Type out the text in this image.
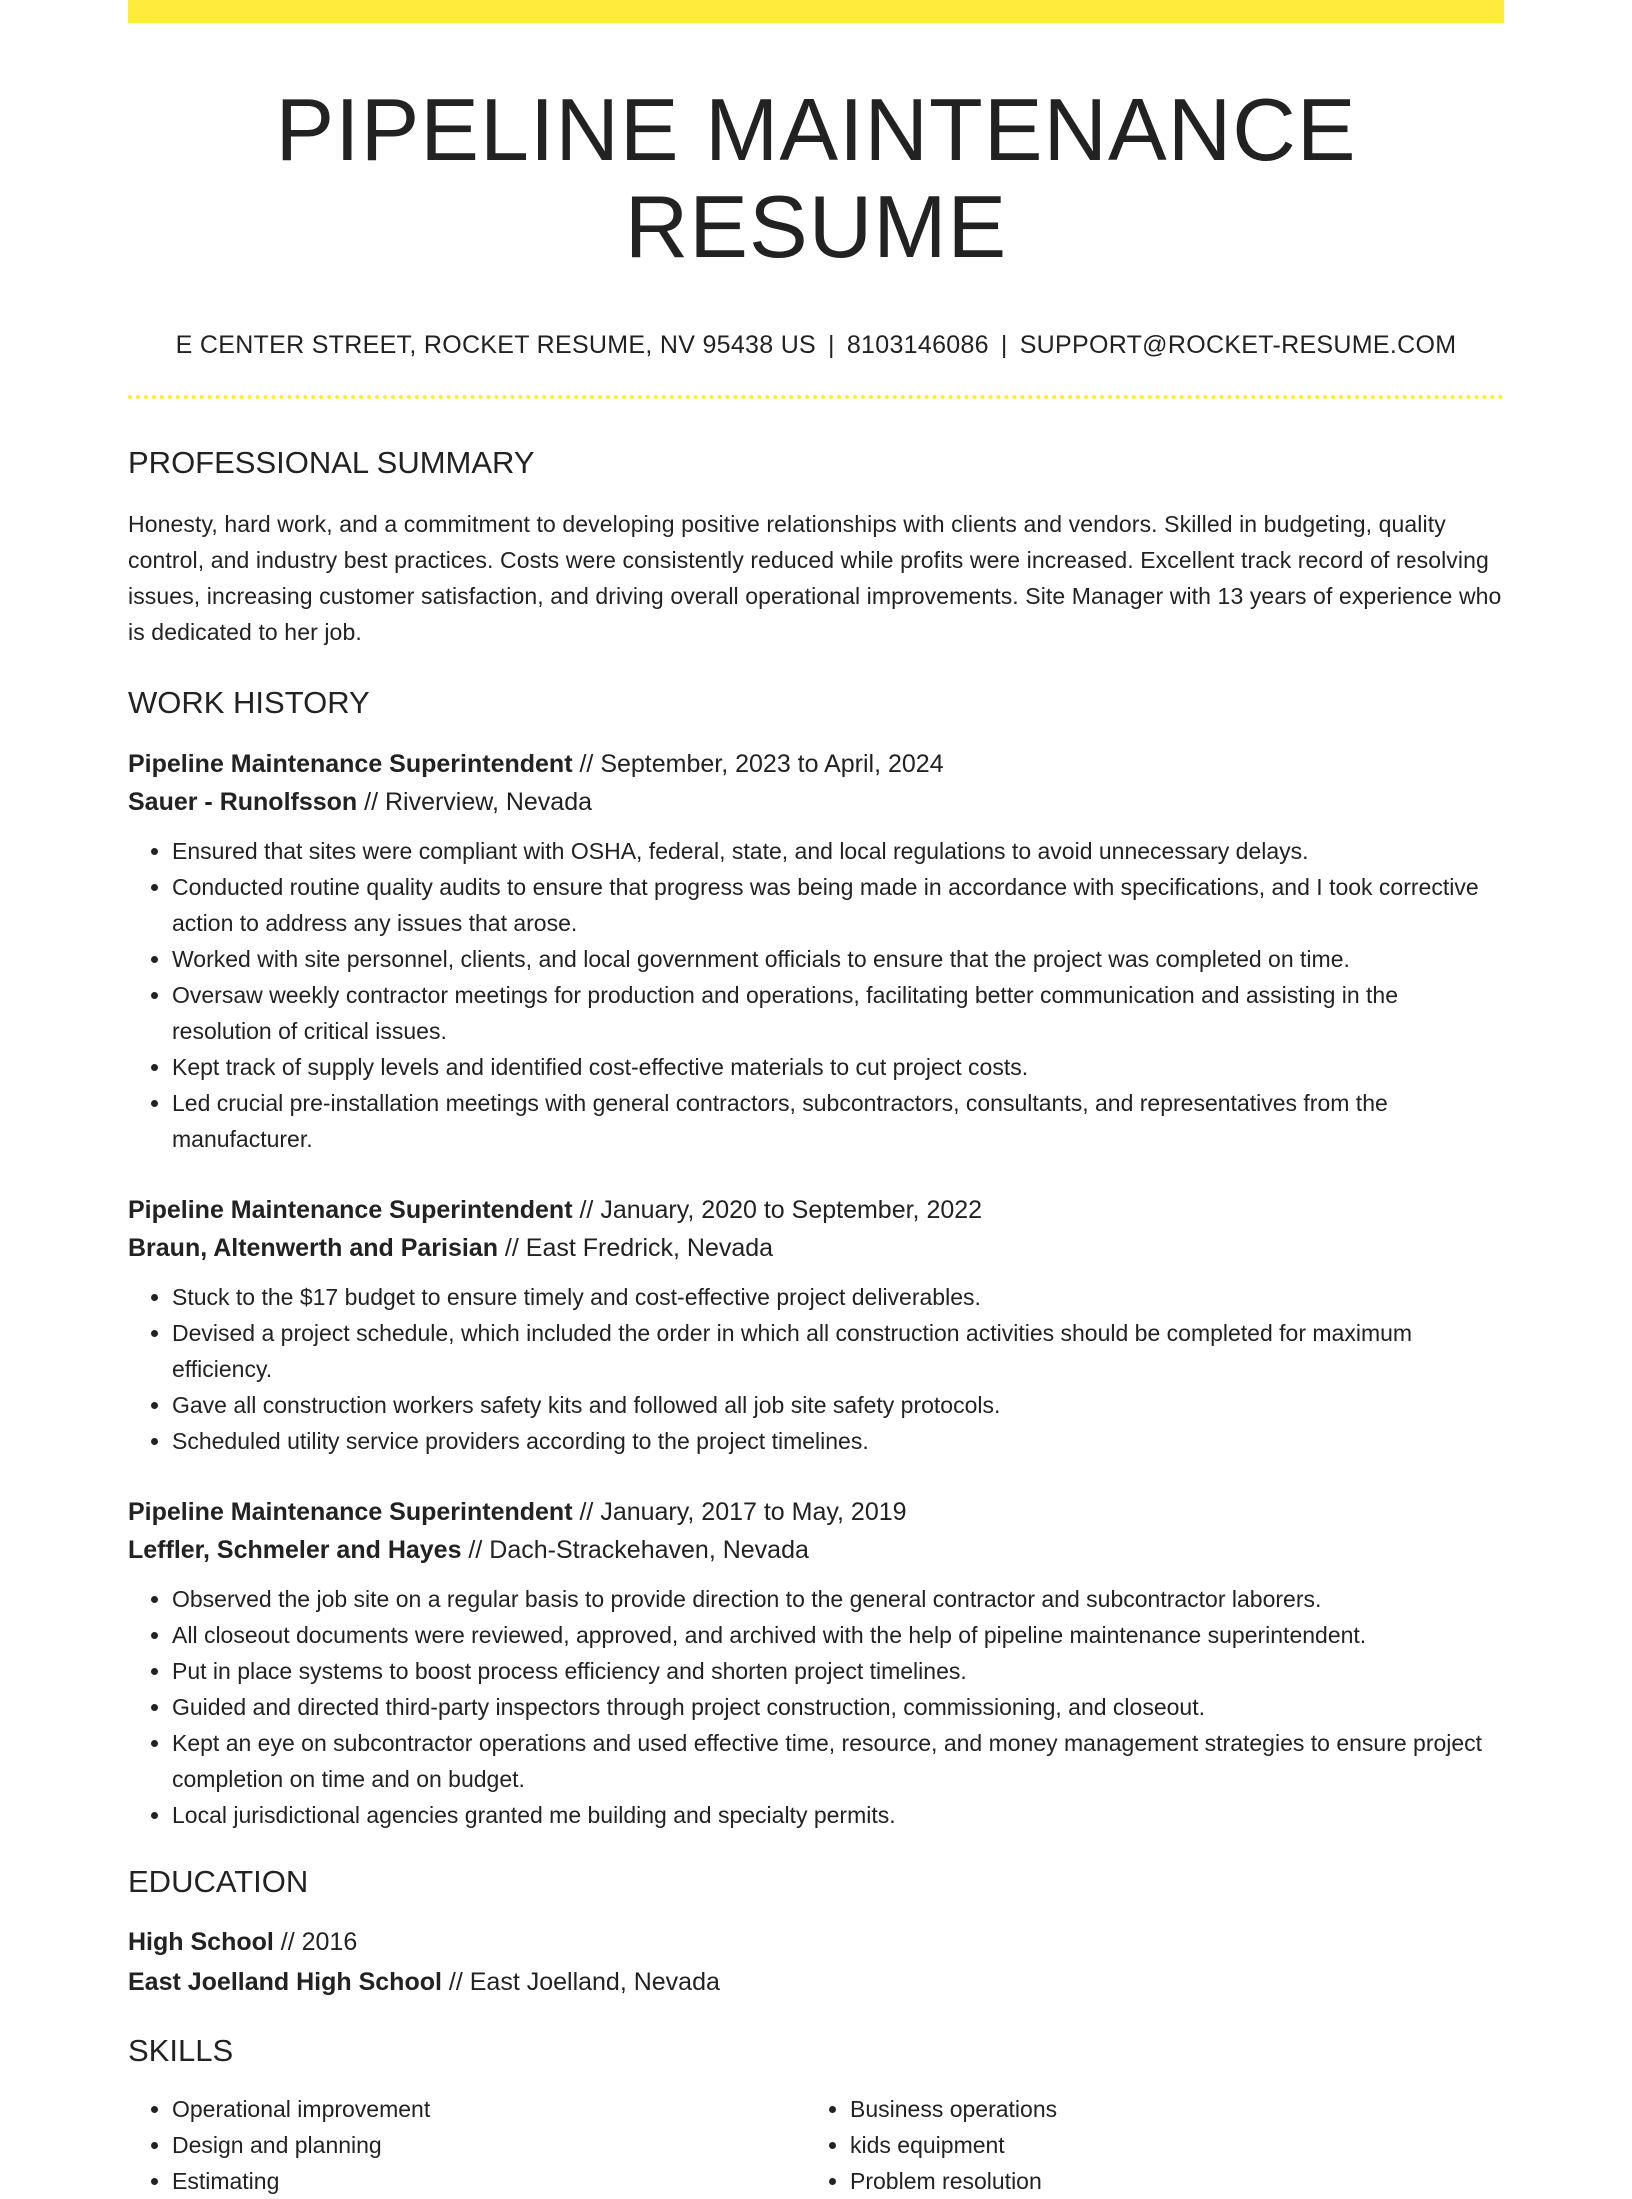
PIPELINE MAINTENANCE RESUME
E CENTER STREET, ROCKET RESUME, NV 95438 US | 8103146086 | SUPPORT@ROCKET-RESUME.COM
PROFESSIONAL SUMMARY

Honesty, hard work, and a commitment to developing positive relationships with clients and vendors. Skilled in budgeting, quality control, and industry best practices. Costs were consistently reduced while profits were increased. Excellent track record of resolving issues, increasing customer satisfaction, and driving overall operational improvements. Site Manager with 13 years of experience who is dedicated to her job.

WORK HISTORY
Pipeline Maintenance Superintendent // September, 2023 to April, 2024
Sauer - Runolfsson // Riverview, Nevada
• Ensured that sites were compliant with OSHA, federal, state, and local regulations to avoid unnecessary delays.
• Conducted routine quality audits to ensure that progress was being made in accordance with specifications, and I took corrective action to address any issues that arose.
• Worked with site personnel, clients, and local government officials to ensure that the project was completed on time.
• Oversaw weekly contractor meetings for production and operations, facilitating better communication and assisting in the resolution of critical issues.
• Kept track of supply levels and identified cost-effective materials to cut project costs.
• Led crucial pre-installation meetings with general contractors, subcontractors, consultants, and representatives from the manufacturer.
Pipeline Maintenance Superintendent // January, 2020 to September, 2022
Braun, Altenwerth and Parisian // East Fredrick, Nevada
• Stuck to the $17 budget to ensure timely and cost-effective project deliverables.
• Devised a project schedule, which included the order in which all construction activities should be completed for maximum efficiency.
• Gave all construction workers safety kits and followed all job site safety protocols.
• Scheduled utility service providers according to the project timelines.
Pipeline Maintenance Superintendent // January, 2017 to May, 2019
Leffler, Schmeler and Hayes // Dach-Strackehaven, Nevada
• Observed the job site on a regular basis to provide direction to the general contractor and subcontractor laborers.
• All closeout documents were reviewed, approved, and archived with the help of pipeline maintenance superintendent.
• Put in place systems to boost process efficiency and shorten project timelines.
• Guided and directed third-party inspectors through project construction, commissioning, and closeout.
• Kept an eye on subcontractor operations and used effective time, resource, and money management strategies to ensure project completion on time and on budget.
• Local jurisdictional agencies granted me building and specialty permits.
EDUCATION
High School // 2016
East Joelland High School // East Joelland, Nevada
SKILLS
• Operational improvement
• Design and planning
• Estimating
• Business operations
• kids equipment
• Problem resolution
